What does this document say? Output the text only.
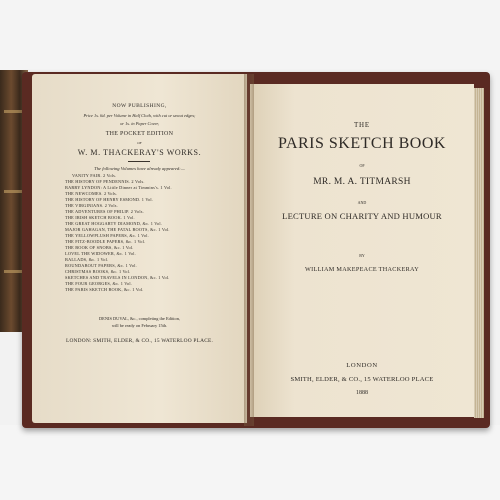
NOW PUBLISHING,
Price 1s. 6d. per Volume in Half Cloth, with cut or uncut edges;
or 1s. in Paper Cover,
THE POCKET EDITION
OF
W. M. THACKERAY'S WORKS.
The following Volumes have already appeared:—
VANITY FAIR. 2 Vols.
THE HISTORY OF PENDENNIS. 2 Vols.
BARRY LYNDON: A Little Dinner at Timmins's. 1 Vol.
THE NEWCOMES. 2 Vols.
THE HISTORY OF HENRY ESMOND. 1 Vol.
THE VIRGINIANS. 2 Vols.
THE ADVENTURES OF PHILIP. 2 Vols.
THE IRISH SKETCH BOOK. 1 Vol.
THE GREAT HOGGARTY DIAMOND, &c. 1 Vol.
MAJOR GAHAGAN, THE FATAL BOOTS, &c. 1 Vol.
THE YELLOWPLUSH PAPERS, &c. 1 Vol.
THE FITZ-BOODLE PAPERS, &c. 1 Vol.
THE BOOK OF SNOBS, &c. 1 Vol.
LOVEL THE WIDOWER, &c. 1 Vol.
BALLADS, &c. 1 Vol.
ROUNDABOUT PAPERS, &c. 1 Vol.
CHRISTMAS BOOKS, &c. 1 Vol.
SKETCHES AND TRAVELS IN LONDON, &c. 1 Vol.
THE FOUR GEORGES, &c. 1 Vol.
THE PARIS SKETCH BOOK, &c. 1 Vol.
DENIS DUVAL, &c., completing the Edition,
will be ready on February 15th.
LONDON: SMITH, ELDER, & CO., 15 WATERLOO PLACE.
THE
PARIS SKETCH BOOK
OF
MR. M. A. TITMARSH
AND
LECTURE ON CHARITY AND HUMOUR
BY
WILLIAM MAKEPEACE THACKERAY
LONDON
SMITH, ELDER, & CO., 15 WATERLOO PLACE
1888
